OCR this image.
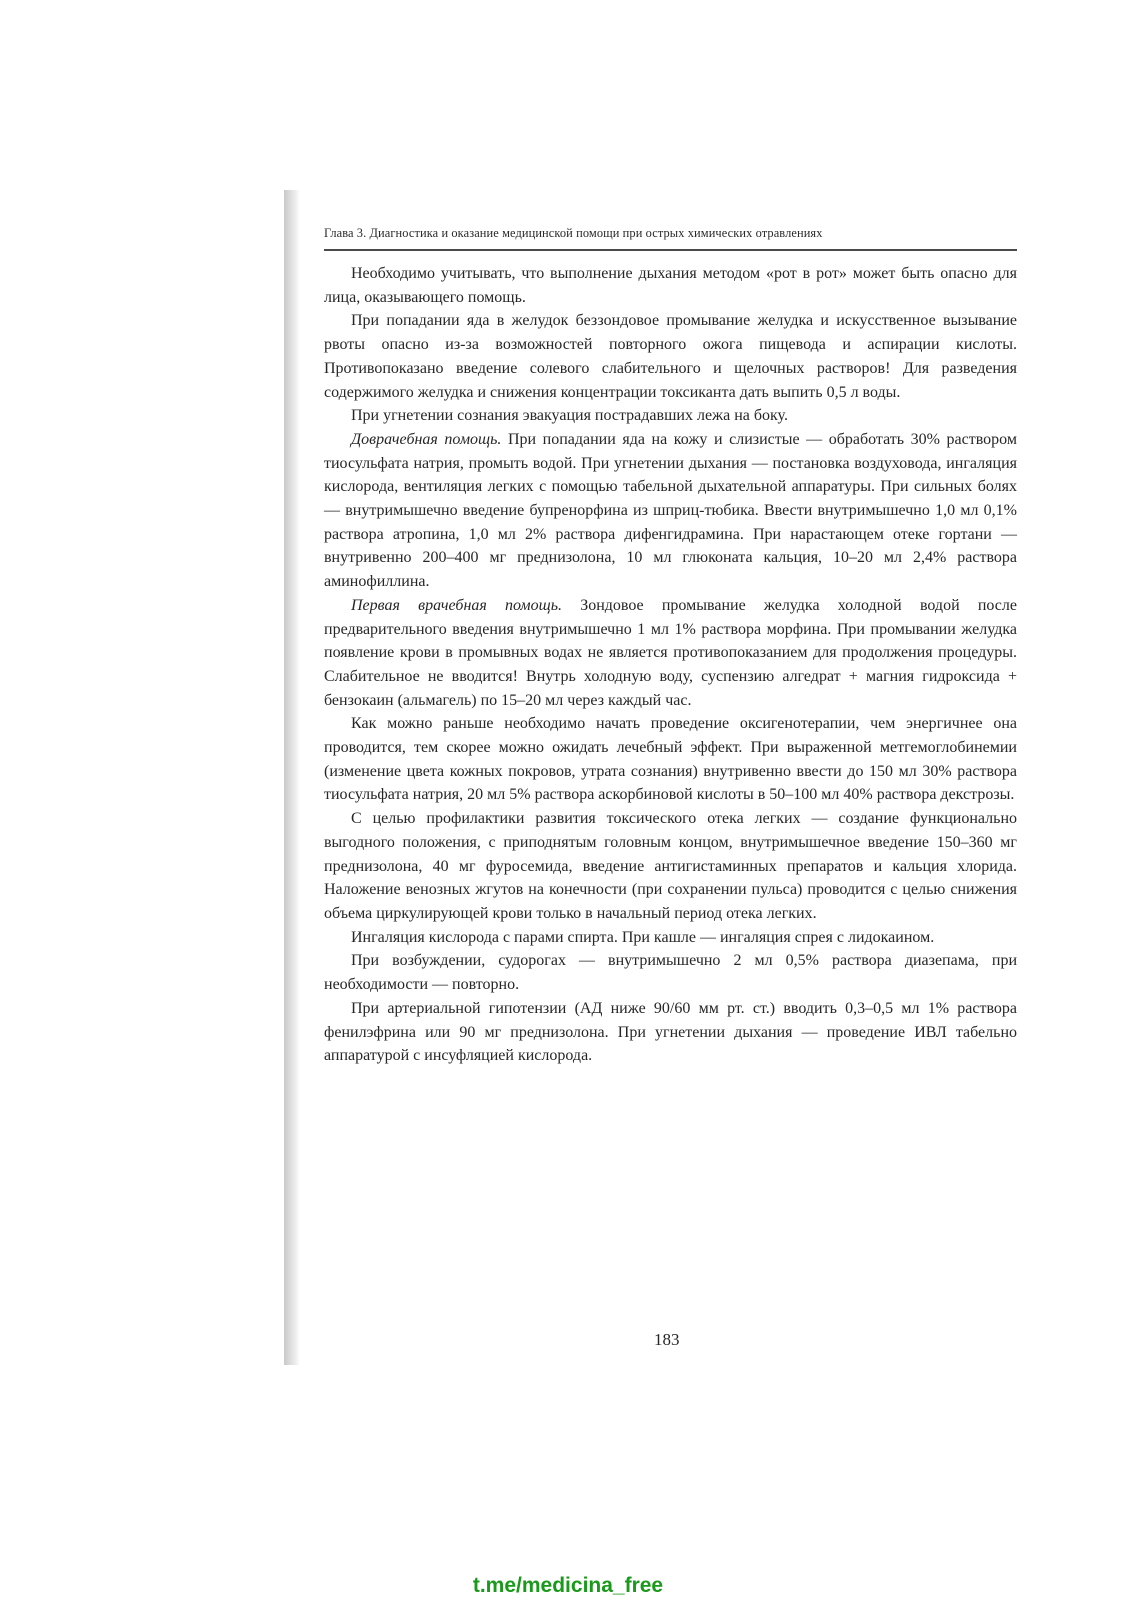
Глава 3. Диагностика и оказание медицинской помощи при острых химических отравлениях

Необходимо учитывать, что выполнение дыхания методом «рот в рот» может быть опасно для лица, оказывающего помощь.

При попадании яда в желудок беззондовое промывание желудка и искусственное вызывание рвоты опасно из-за возможностей повторного ожога пищевода и аспирации кислоты. Противопоказано введение солевого слабительного и щелочных растворов! Для разведения содержимого желудка и снижения концентрации токсиканта дать выпить 0,5 л воды.

При угнетении сознания эвакуация пострадавших лежа на боку.

Доврачебная помощь. При попадании яда на кожу и слизистые — обработать 30% раствором тиосульфата натрия, промыть водой. При угнетении дыхания — постановка воздуховода, ингаляция кислорода, вентиляция легких с помощью табельной дыхательной аппаратуры. При сильных болях — внутримышечно введение бупренорфина из шприц-тюбика. Ввести внутримышечно 1,0 мл 0,1% раствора атропина, 1,0 мл 2% раствора дифенгидрамина. При нарастающем отеке гортани — внутривенно 200–400 мг преднизолона, 10 мл глюконата кальция, 10–20 мл 2,4% раствора аминофиллина.

Первая врачебная помощь. Зондовое промывание желудка холодной водой после предварительного введения внутримышечно 1 мл 1% раствора морфина. При промывании желудка появление крови в промывных водах не является противопоказанием для продолжения процедуры. Слабительное не вводится! Внутрь холодную воду, суспензию алгедрат + магния гидроксида + бензокаин (альмагель) по 15–20 мл через каждый час.

Как можно раньше необходимо начать проведение оксигенотерапии, чем энергичнее она проводится, тем скорее можно ожидать лечебный эффект. При выраженной метгемоглобинемии (изменение цвета кожных покровов, утрата сознания) внутривенно ввести до 150 мл 30% раствора тиосульфата натрия, 20 мл 5% раствора аскорбиновой кислоты в 50–100 мл 40% раствора декстрозы.

С целью профилактики развития токсического отека легких — создание функционально выгодного положения, с приподнятым головным концом, внутримышечное введение 150–360 мг преднизолона, 40 мг фуросемида, введение антигистаминных препаратов и кальция хлорида. Наложение венозных жгутов на конечности (при сохранении пульса) проводится с целью снижения объема циркулирующей крови только в начальный период отека легких.

Ингаляция кислорода с парами спирта. При кашле — ингаляция спрея с лидокаином.

При возбуждении, судорогах — внутримышечно 2 мл 0,5% раствора диазепама, при необходимости — повторно.

При артериальной гипотензии (АД ниже 90/60 мм рт. ст.) вводить 0,3–0,5 мл 1% раствора фенилэфрина или 90 мг преднизолона. При угнетении дыхания — проведение ИВЛ табельно аппаратурой с инсуфляцией кислорода.

183
t.me/medicina_free
